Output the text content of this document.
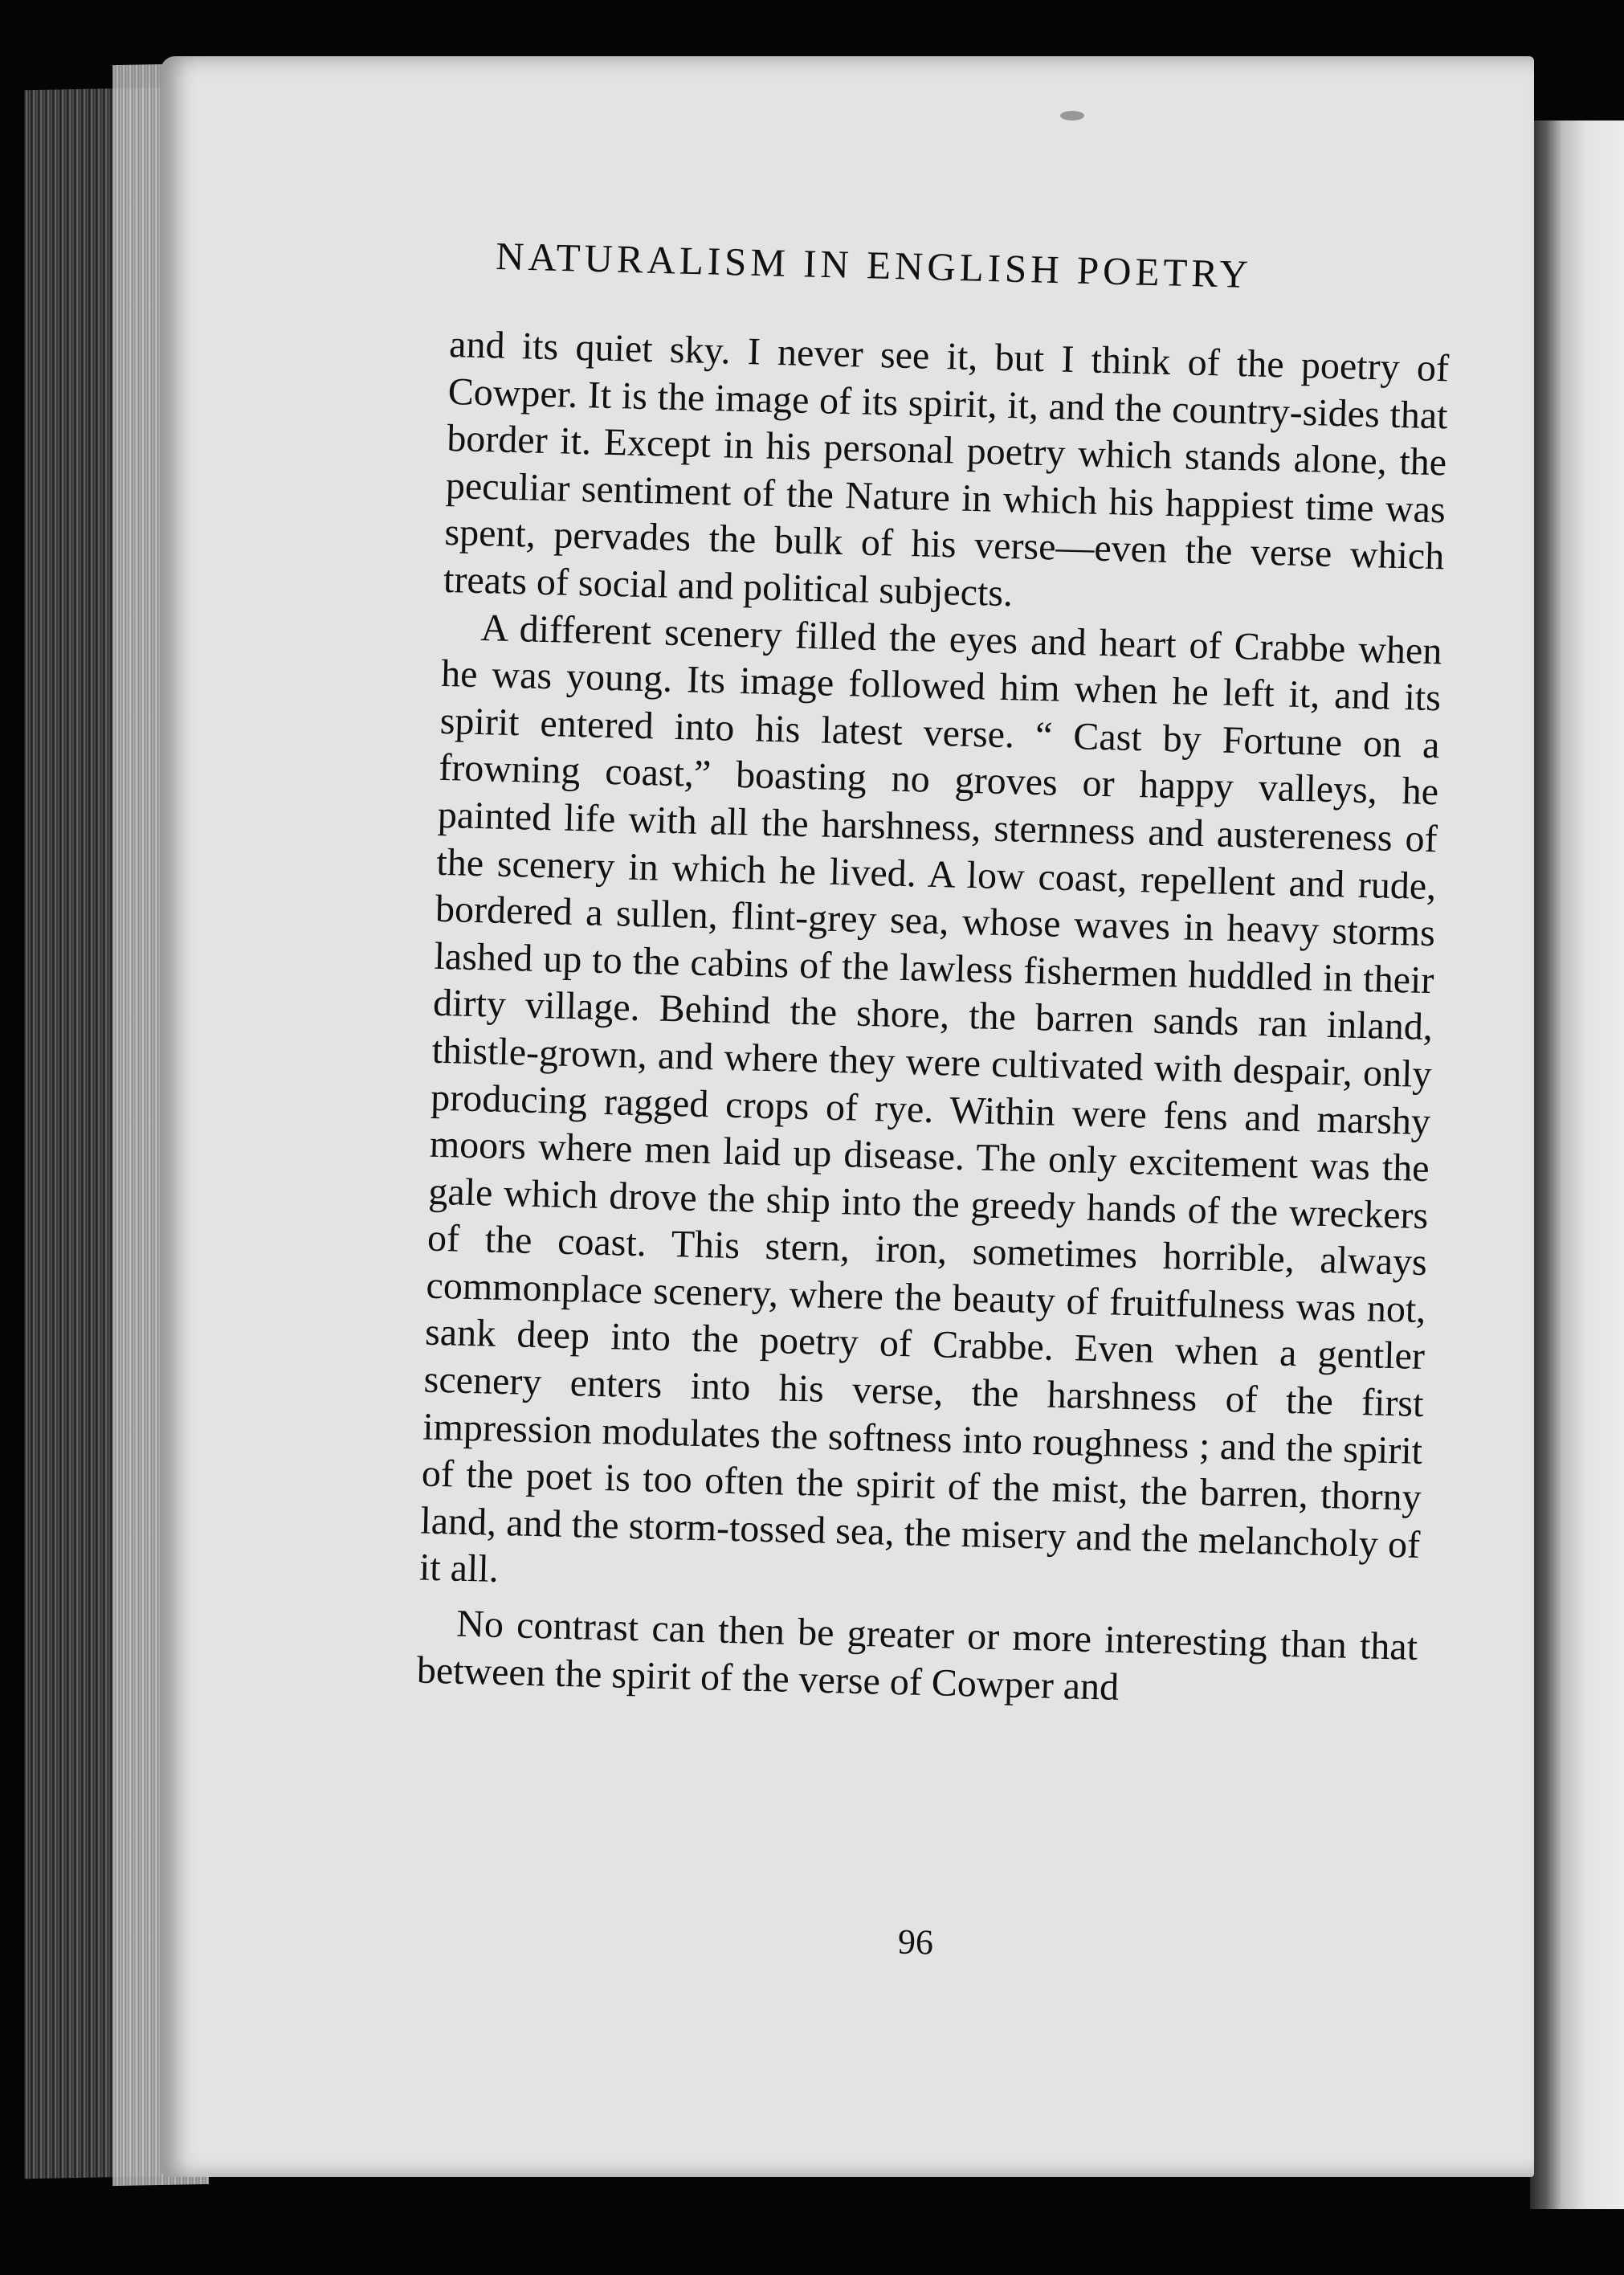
NATURALISM IN ENGLISH POETRY

and its quiet sky. I never see it, but I think of the poetry of Cowper. It is the image of its spirit, it, and the country-sides that border it. Except in his personal poetry which stands alone, the peculiar sentiment of the Nature in which his happiest time was spent, pervades the bulk of his verse—even the verse which treats of social and political subjects.

A different scenery filled the eyes and heart of Crabbe when he was young. Its image followed him when he left it, and its spirit entered into his latest verse. “ Cast by Fortune on a frowning coast,” boasting no groves or happy valleys, he painted life with all the harshness, sternness and austereness of the scenery in which he lived. A low coast, repellent and rude, bordered a sullen, flint-grey sea, whose waves in heavy storms lashed up to the cabins of the lawless fishermen huddled in their dirty village. Behind the shore, the barren sands ran inland, thistle-grown, and where they were cultivated with despair, only producing ragged crops of rye. Within were fens and marshy moors where men laid up disease. The only excitement was the gale which drove the ship into the greedy hands of the wreckers of the coast. This stern, iron, sometimes horrible, always commonplace scenery, where the beauty of fruitfulness was not, sank deep into the poetry of Crabbe. Even when a gentler scenery enters into his verse, the harshness of the first impression modulates the softness into roughness ; and the spirit of the poet is too often the spirit of the mist, the barren, thorny land, and the storm-tossed sea, the misery and the melancholy of it all.

No contrast can then be greater or more interesting than that between the spirit of the verse of Cowper and

96
